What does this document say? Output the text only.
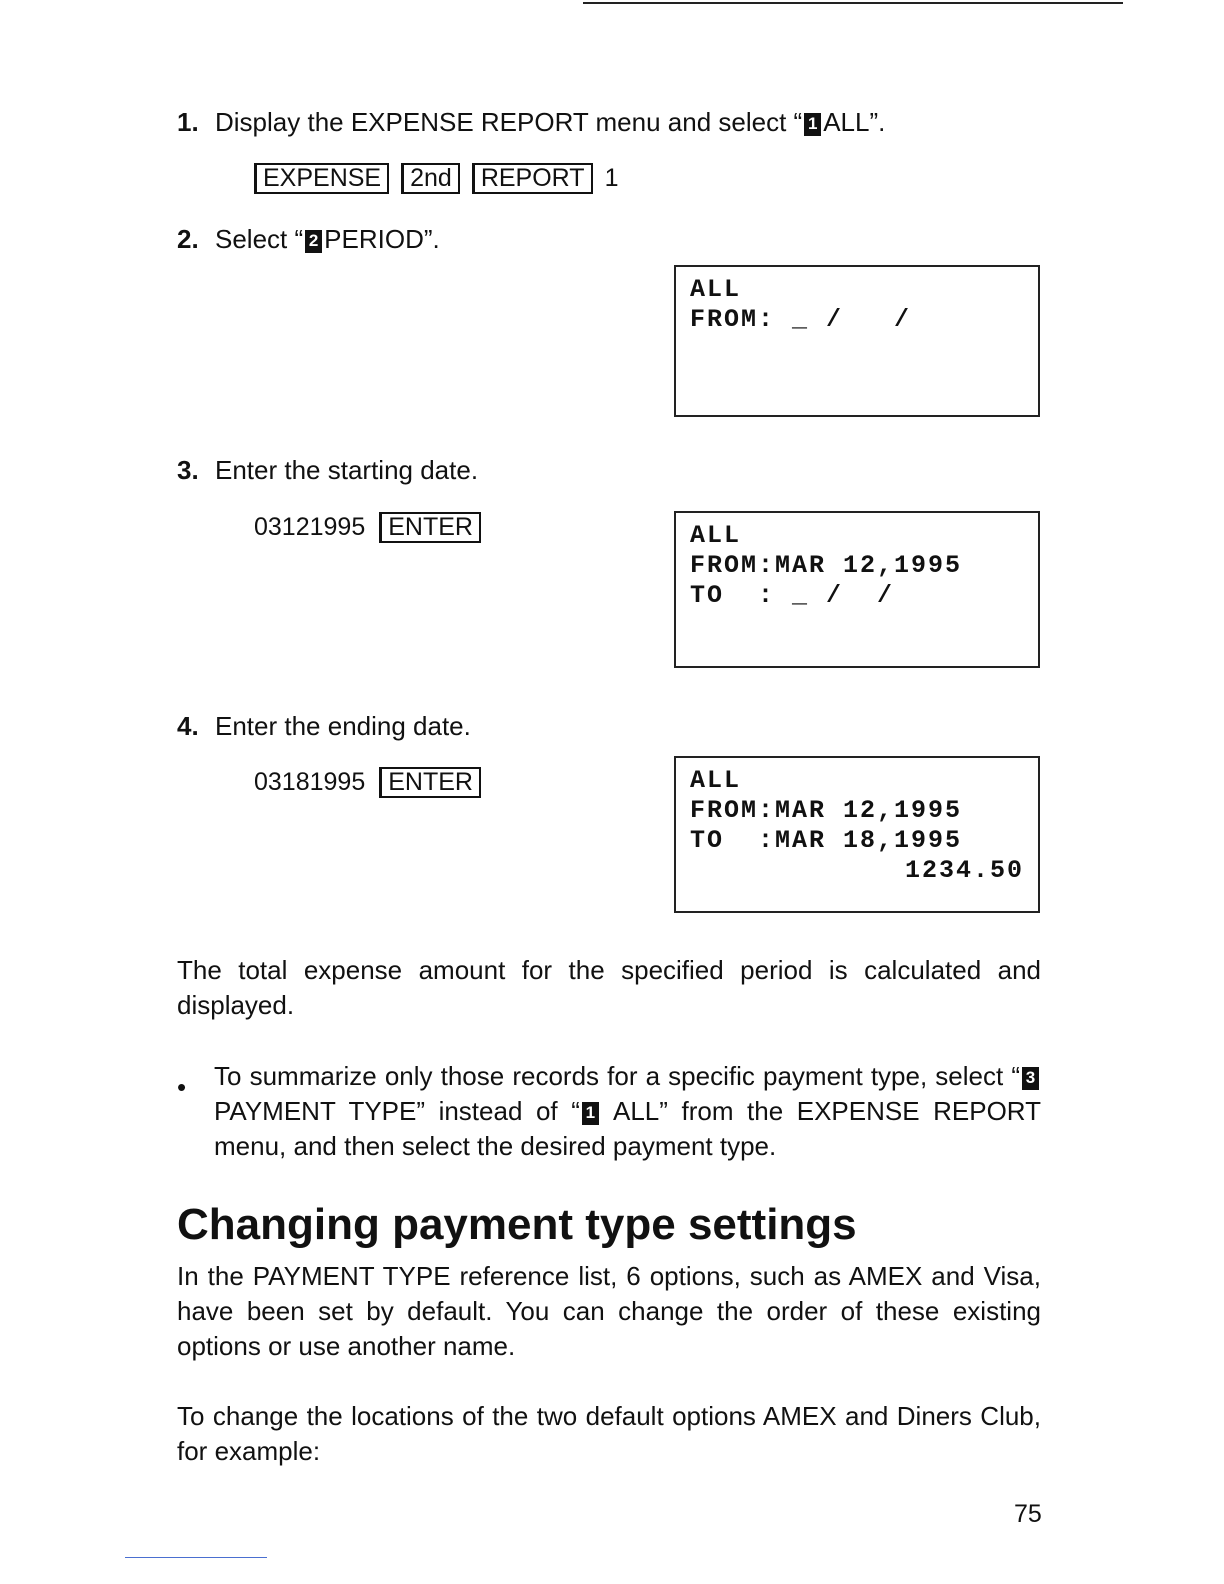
1. Display the EXPENSE REPORT menu and select “ 1 ALL”.
EXPENSE 2nd REPORT 1
2. Select “ 2 PERIOD”.
ALL
FROM: _ /   /
3. Enter the starting date.
03121995 ENTER	ALL
FROM:MAR 12,1995
TO  : _ /  /
4. Enter the ending date.
03181995 ENTER	ALL
FROM:MAR 12,1995
TO  :MAR 18,1995
1234.50
The total expense amount for the specified period is calculated and displayed.
• To summarize only those records for a specific payment type, select “ 3 PAYMENT TYPE” instead of “ 1 ALL” from the EXPENSE REPORT menu, and then select the desired payment type.
Changing payment type settings
In the PAYMENT TYPE reference list, 6 options, such as AMEX and Visa, have been set by default. You can change the order of these existing options or use another name.
To change the locations of the two default options AMEX and Diners Club, for example:
75
